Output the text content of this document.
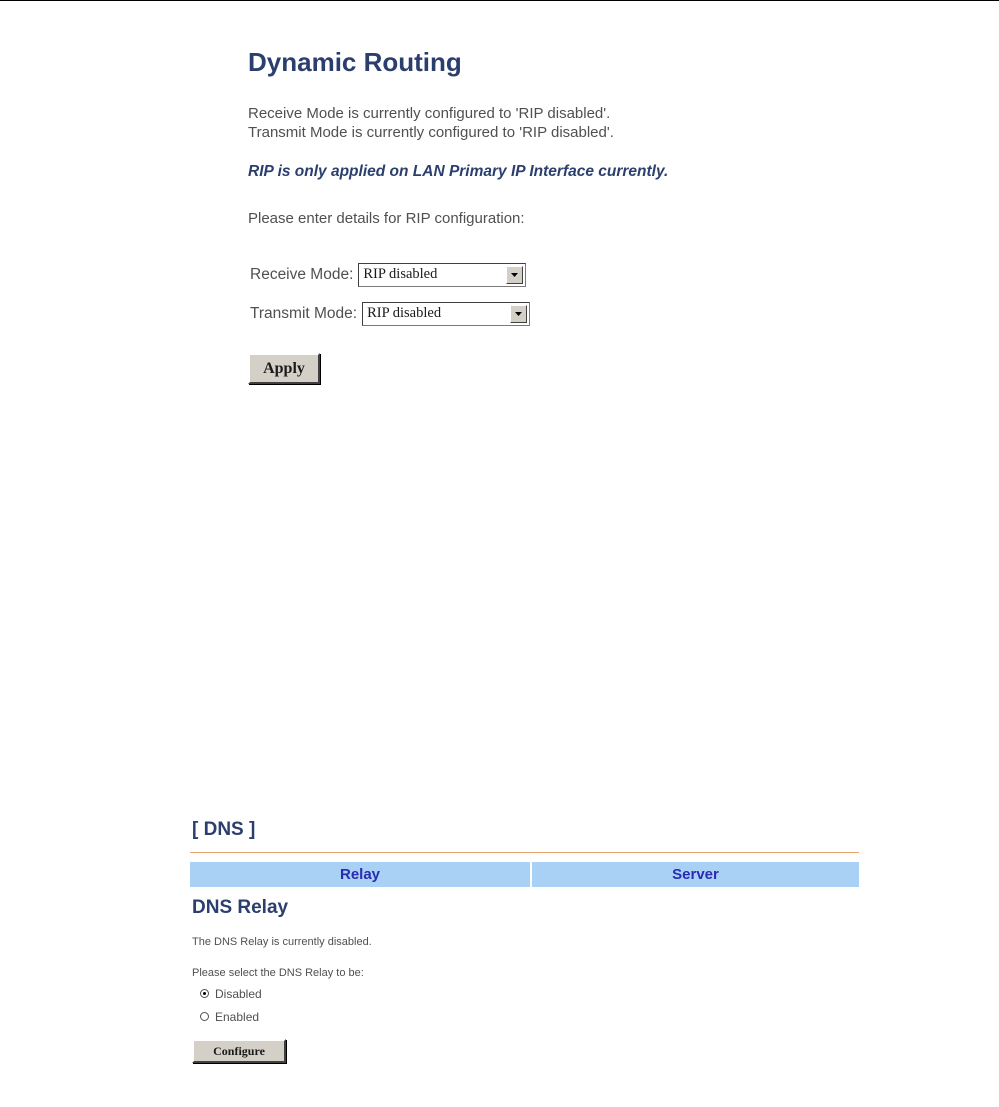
Dynamic Routing
Receive Mode is currently configured to 'RIP disabled'.
Transmit Mode is currently configured to 'RIP disabled'.
RIP is only applied on LAN Primary IP Interface currently.
Please enter details for RIP configuration:
Receive Mode: RIP disabled
Transmit Mode: RIP disabled
Apply
[ DNS ]
Relay	Server
DNS Relay
The DNS Relay is currently disabled.
Please select the DNS Relay to be:
Disabled
Enabled
Configure
